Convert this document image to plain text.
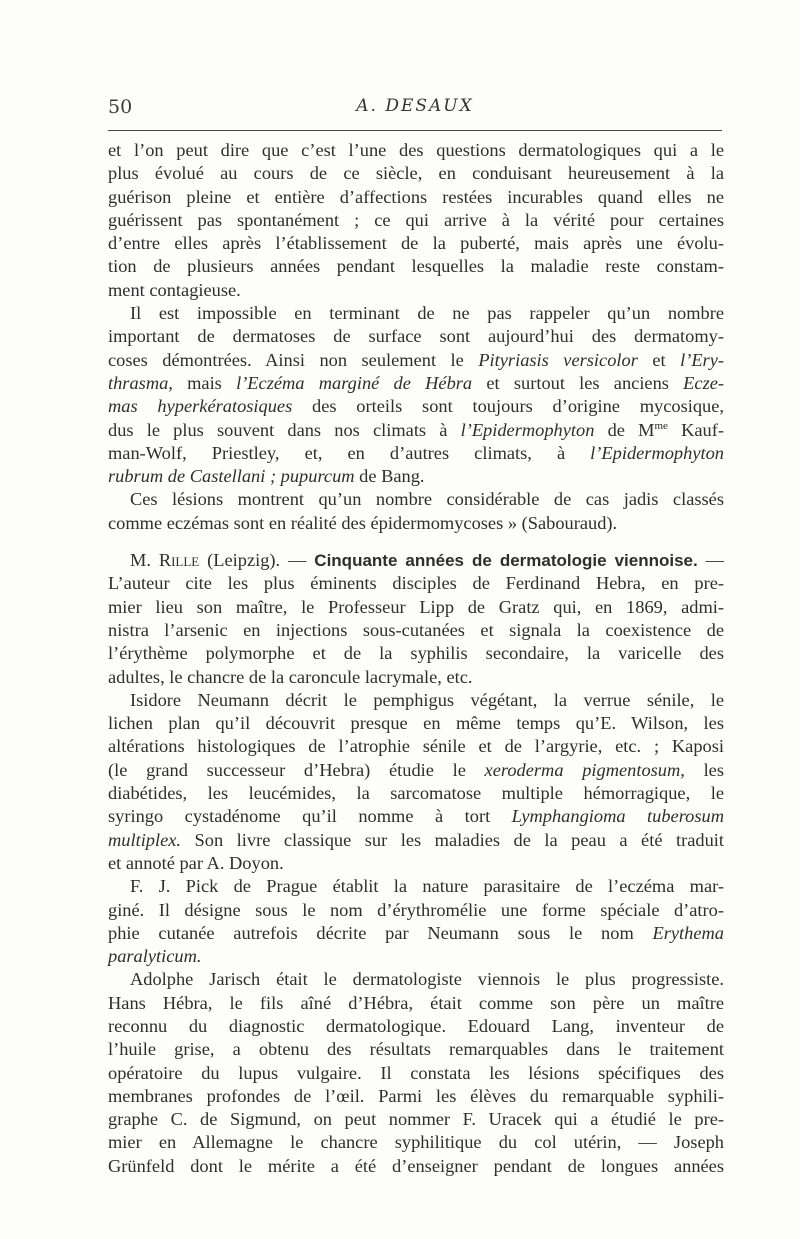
50	A. DESAUX
et l’on peut dire que c’est l’une des questions dermatologiques qui a le
plus évolué au cours de ce siècle, en conduisant heureusement à la
guérison pleine et entière d’affections restées incurables quand elles ne
guérissent pas spontanément ; ce qui arrive à la vérité pour certaines
d’entre elles après l’établissement de la puberté, mais après une évolu-
tion de plusieurs années pendant lesquelles la maladie reste constam-
ment contagieuse.
Il est impossible en terminant de ne pas rappeler qu’un nombre
important de dermatoses de surface sont aujourd’hui des dermatomy-
coses démontrées. Ainsi non seulement le Pityriasis versicolor et l’Ery-
thrasma, mais l’Eczéma marginé de Hébra et surtout les anciens Ecze-
mas hyperkératosiques des orteils sont toujours d’origine mycosique,
dus le plus souvent dans nos climats à l’Epidermophyton de $M^{me}$ Kauf-
man-Wolf, Priestley, et, en d’autres climats, à l’Epidermophyton
rubrum de Castellani ; pupurcum de Bang.
Ces lésions montrent qu’un nombre considérable de cas jadis classés
comme eczémas sont en réalité des épidermomycoses » (Sabouraud).
M. Rille (Leipzig). — Cinquante années de dermatologie viennoise. —
L’auteur cite les plus éminents disciples de Ferdinand Hebra, en pre-
mier lieu son maître, le Professeur Lipp de Gratz qui, en 1869, admi-
nistra l’arsenic en injections sous-cutanées et signala la coexistence de
l’érythème polymorphe et de la syphilis secondaire, la varicelle des
adultes, le chancre de la caroncule lacrymale, etc.
Isidore Neumann décrit le pemphigus végétant, la verrue sénile, le
lichen plan qu’il découvrit presque en même temps qu’E. Wilson, les
altérations histologiques de l’atrophie sénile et de l’argyrie, etc. ; Kaposi
(le grand successeur d’Hebra) étudie le xeroderma pigmentosum, les
diabétides, les leucémides, la sarcomatose multiple hémorragique, le
syringo cystadénome qu’il nomme à tort Lymphangioma tuberosum
multiplex. Son livre classique sur les maladies de la peau a été traduit
et annoté par A. Doyon.
F. J. Pick de Prague établit la nature parasitaire de l’eczéma mar-
giné. Il désigne sous le nom d’érythromélie une forme spéciale d’atro-
phie cutanée autrefois décrite par Neumann sous le nom Erythema
paralyticum.
Adolphe Jarisch était le dermatologiste viennois le plus progressiste.
Hans Hébra, le fils aîné d’Hébra, était comme son père un maître
reconnu du diagnostic dermatologique. Edouard Lang, inventeur de
l’huile grise, a obtenu des résultats remarquables dans le traitement
opératoire du lupus vulgaire. Il constata les lésions spécifiques des
membranes profondes de l’œil. Parmi les élèves du remarquable syphili-
graphe C. de Sigmund, on peut nommer F. Uracek qui a étudié le pre-
mier en Allemagne le chancre syphilitique du col utérin, — Joseph
Grünfeld dont le mérite a été d’enseigner pendant de longues années
